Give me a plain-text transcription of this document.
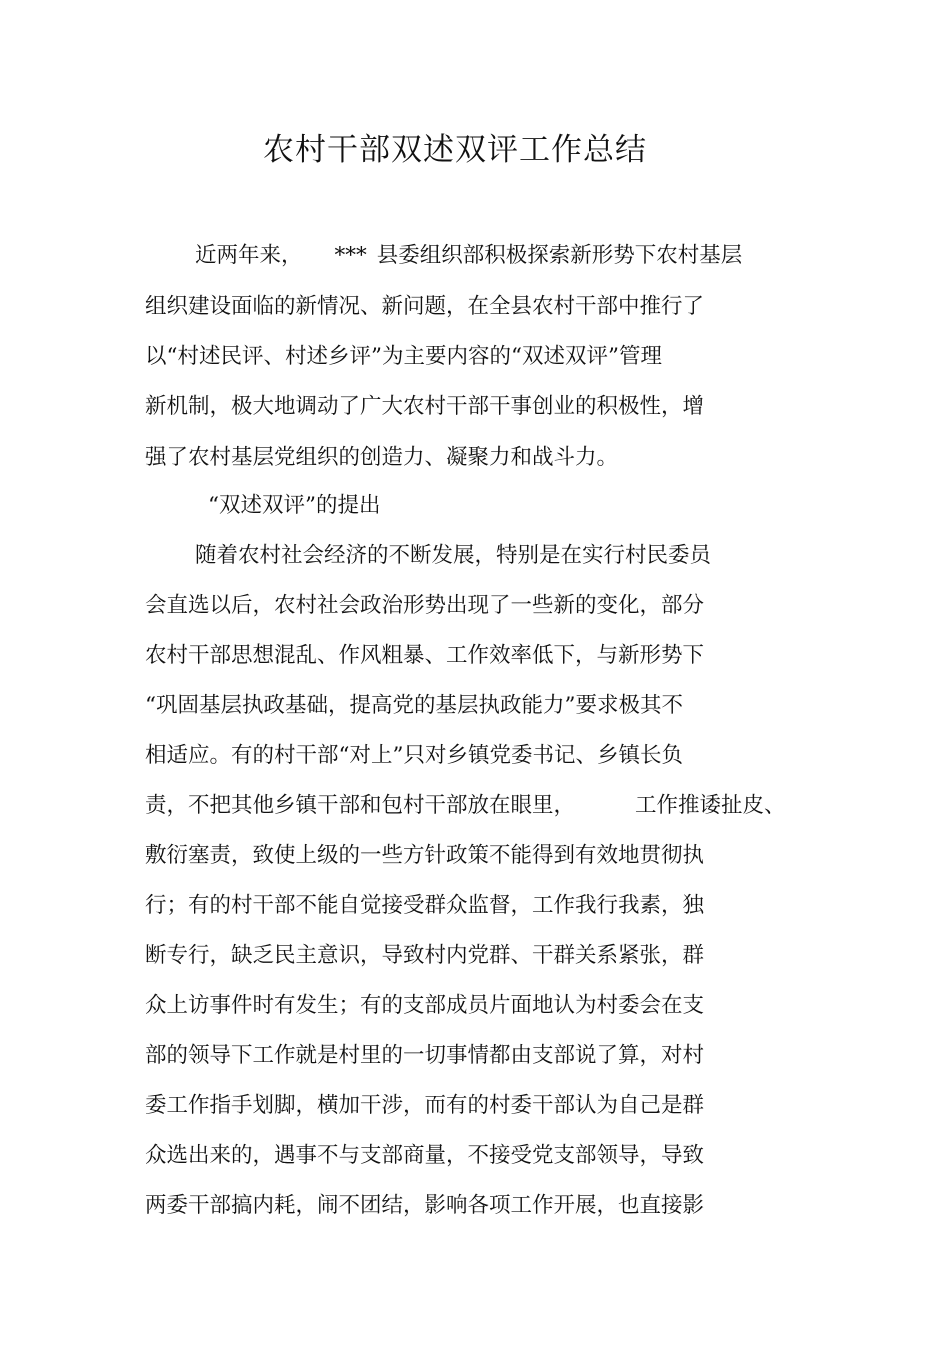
农村干部双述双评工作总结

近两年来， *** 县委组织部积极探索新形势下农村基层

组织建设面临的新情况、新问题，在全县农村干部中推行了

以“村述民评、村述乡评”为主要内容的“双述双评”管理

新机制，极大地调动了广大农村干部干事创业的积极性，增

强了农村基层党组织的创造力、凝聚力和战斗力。

“双述双评”的提出

随着农村社会经济的不断发展，特别是在实行村民委员

会直选以后，农村社会政治形势出现了一些新的变化，部分

农村干部思想混乱、作风粗暴、工作效率低下，与新形势下

“巩固基层执政基础，提高党的基层执政能力”要求极其不

相适应。有的村干部“对上”只对乡镇党委书记、乡镇长负

责，不把其他乡镇干部和包村干部放在眼里，	工作推诿扯皮、

敷衍塞责，致使上级的一些方针政策不能得到有效地贯彻执

行；有的村干部不能自觉接受群众监督，工作我行我素，独

断专行，缺乏民主意识，导致村内党群、干群关系紧张，群

众上访事件时有发生；有的支部成员片面地认为村委会在支

部的领导下工作就是村里的一切事情都由支部说了算，对村

委工作指手划脚，横加干涉，而有的村委干部认为自己是群

众选出来的，遇事不与支部商量，不接受党支部领导，导致

两委干部搞内耗，闹不团结，影响各项工作开展，也直接影
